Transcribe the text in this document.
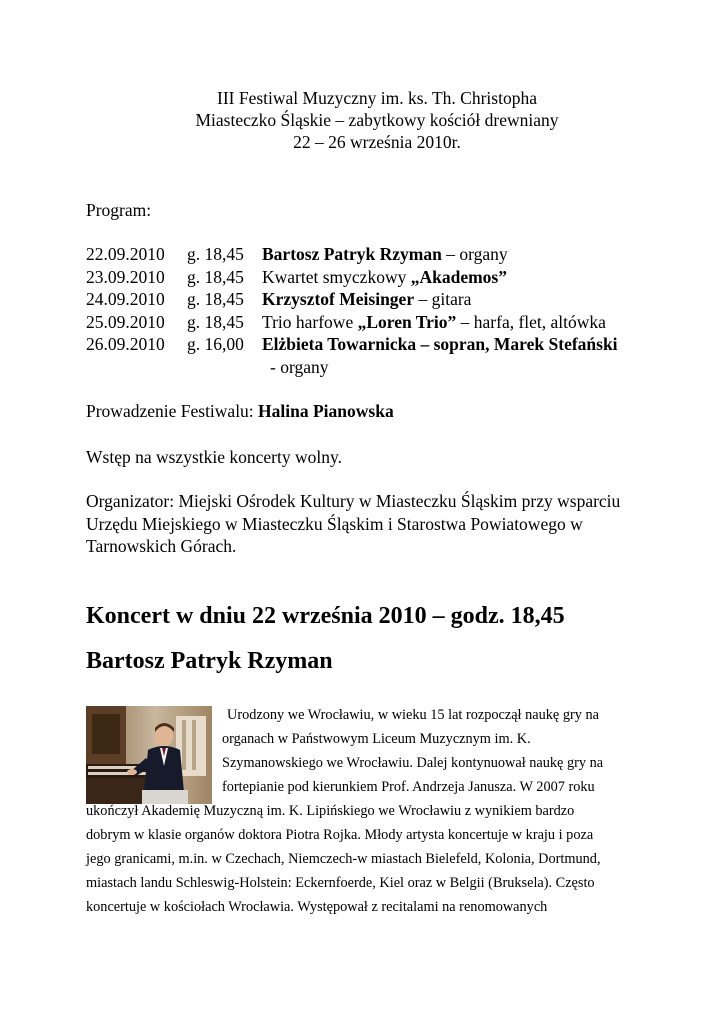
III Festiwal Muzyczny im. ks. Th. Christopha
Miasteczko Śląskie – zabytkowy kościół drewniany
22 – 26 września 2010r.
Program:
22.09.2010 g. 18,45 Bartosz Patryk Rzyman – organy
23.09.2010 g. 18,45 Kwartet smyczkowy „Akademos”
24.09.2010 g. 18,45 Krzysztof Meisinger – gitara
25.09.2010 g. 18,45 Trio harfowe „Loren Trio” – harfa, flet, altówka
26.09.2010 g. 16,00 Elżbieta Towarnicka – sopran, Marek Stefański
- organy
Prowadzenie Festiwalu: Halina Pianowska
Wstęp na wszystkie koncerty wolny.
Organizator: Miejski Ośrodek Kultury w Miasteczku Śląskim przy wsparciu
Urzędu Miejskiego w Miasteczku Śląskim i Starostwa Powiatowego w
Tarnowskich Górach.
Koncert w dniu 22 września 2010 – godz. 18,45
Bartosz Patryk Rzyman
Urodzony we Wrocławiu, w wieku 15 lat rozpoczął naukę gry na
organach w Państwowym Liceum Muzycznym im. K.
Szymanowskiego we Wrocławiu. Dalej kontynuował naukę gry na
fortepianie pod kierunkiem Prof. Andrzeja Janusza. W 2007 roku
ukończył Akademię Muzyczną im. K. Lipińskiego we Wrocławiu z wynikiem bardzo
dobrym w klasie organów doktora Piotra Rojka. Młody artysta koncertuje w kraju i poza
jego granicami, m.in. w Czechach, Niemczech-w miastach Bielefeld, Kolonia, Dortmund,
miastach landu Schleswig-Holstein: Eckernfoerde, Kiel oraz w Belgii (Bruksela). Często
koncertuje w kościołach Wrocławia. Występował z recitalami na renomowanych
